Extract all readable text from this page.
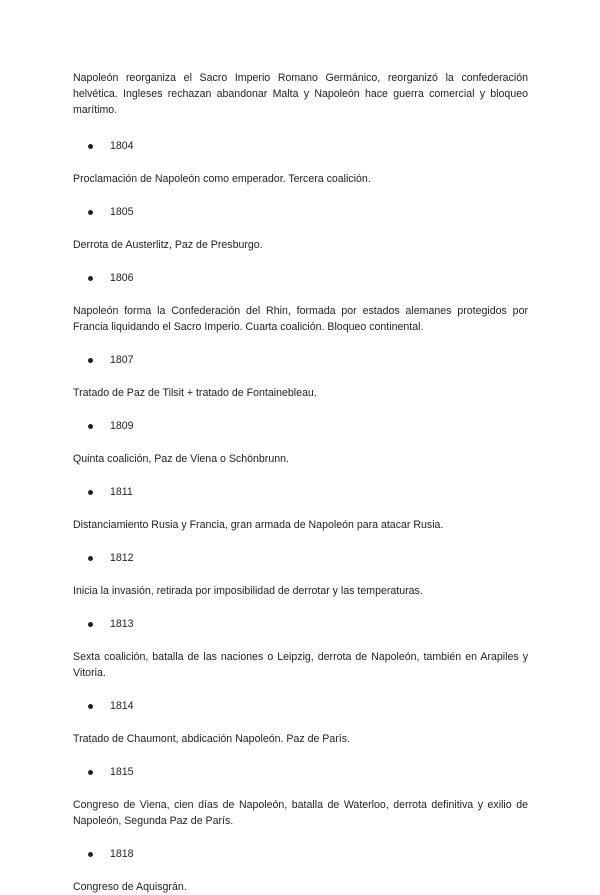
Napoleón reorganiza el Sacro Imperio Romano Germánico, reorganizó la confederación helvética. Ingleses rechazan abandonar Malta y Napoleón hace guerra comercial y bloqueo marítimo.

1804

Proclamación de Napoleón como emperador. Tercera coalición.

1805

Derrota de Austerlitz, Paz de Presburgo.

1806

Napoleón forma la Confederación del Rhin, formada por estados alemanes protegidos por Francia liquidando el Sacro Imperio. Cuarta coalición. Bloqueo continental.

1807

Tratado de Paz de Tilsit + tratado de Fontainebleau.

1809

Quinta coalición, Paz de Viena o Schönbrunn.

1811

Distanciamiento Rusia y Francia, gran armada de Napoleón para atacar Rusia.

1812

Inicia la invasión, retirada por imposibilidad de derrotar y las temperaturas.

1813

Sexta coalición, batalla de las naciones o Leipzig, derrota de Napoleón, también en Arapiles y Vitoria.

1814

Tratado de Chaumont, abdicación Napoleón. Paz de París.

1815

Congreso de Viena, cien días de Napoleón, batalla de Waterloo, derrota definitiva y exilio de Napoleón, Segunda Paz de París.

1818

Congreso de Aquisgrán.
